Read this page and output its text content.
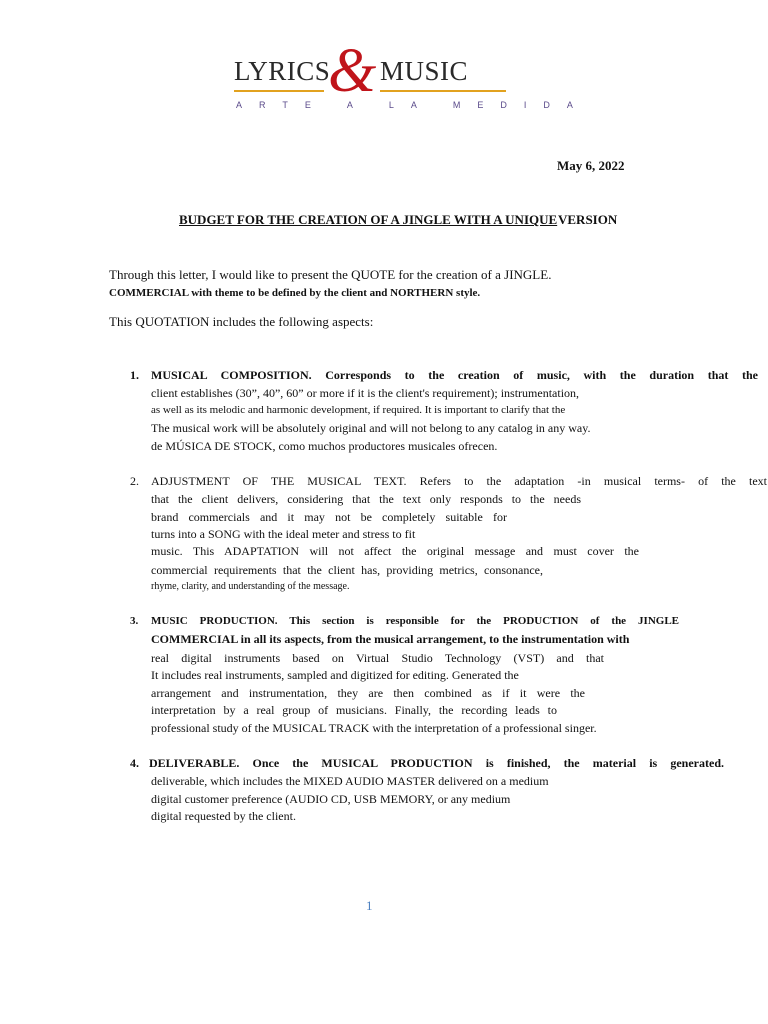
LYRICS
& MUSIC
ARTE A LA MEDIDA
May 6, 2022
BUDGET FOR THE CREATION OF A JINGLE WITH A UNIQUE VERSION
Through this letter, I would like to present the QUOTE for the creation of a JINGLE.
COMMERCIAL with theme to be defined by the client and NORTHERN style.
This QUOTATION includes the following aspects:
1. MUSICAL COMPOSITION. Corresponds to the creation of music, with the duration that the
client establishes (30”, 40”, 60” or more if it is the client's requirement); instrumentation,
as well as its melodic and harmonic development, if required. It is important to clarify that the
The musical work will be absolutely original and will not belong to any catalog in any way.
de MÚSICA DE STOCK, como muchos productores musicales ofrecen.
2. ADJUSTMENT OF THE MUSICAL TEXT. Refers to the adaptation -in musical terms- of the text
that the client delivers, considering that the text only responds to the needs
brand commercials and it may not be completely suitable for
turns into a SONG with the ideal meter and stress to fit
music. This ADAPTATION will not affect the original message and must cover the
commercial requirements that the client has, providing metrics, consonance,
rhyme, clarity, and understanding of the message.
3. MUSIC PRODUCTION. This section is responsible for the PRODUCTION of the JINGLE
COMMERCIAL in all its aspects, from the musical arrangement, to the instrumentation with
real digital instruments based on Virtual Studio Technology (VST) and that
It includes real instruments, sampled and digitized for editing. Generated the
arrangement and instrumentation, they are then combined as if it were the
interpretation by a real group of musicians. Finally, the recording leads to
professional study of the MUSICAL TRACK with the interpretation of a professional singer.
4. DELIVERABLE. Once the MUSICAL PRODUCTION is finished, the material is generated.
deliverable, which includes the MIXED AUDIO MASTER delivered on a medium
digital customer preference (AUDIO CD, USB MEMORY, or any medium
digital requested by the client.
1
